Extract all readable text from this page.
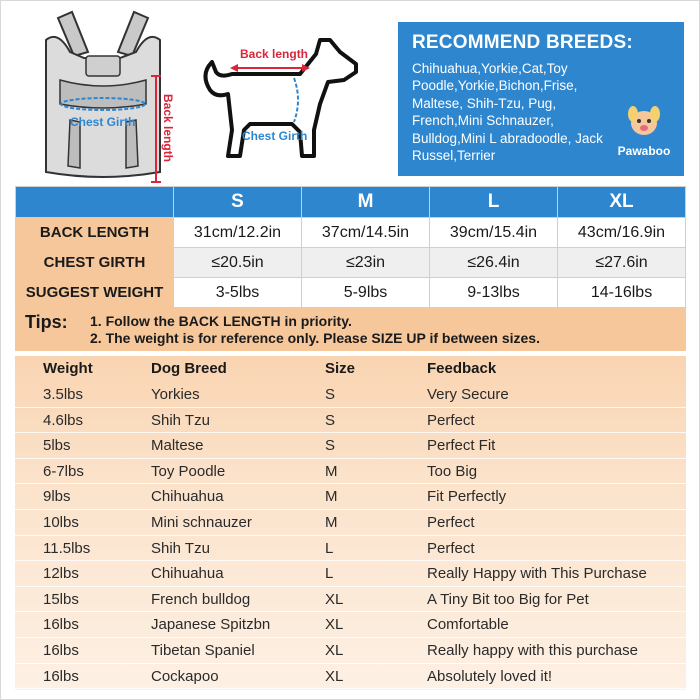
Chest Girth Back length
Back length
Chest Girth
RECOMMEND BREEDS:
Chihuahua,Yorkie,Cat,Toy Poodle,Yorkie,Bichon,Frise, Maltese, Shih-Tzu, Pug, French,Mini Schnauzer, Bulldog,Mini L abradoodle, Jack Russel,Terrier	Pawaboo
	S	M	L	XL
BACK LENGTH	31cm/12.2in	37cm/14.5in	39cm/15.4in	43cm/16.9in
CHEST GIRTH	≤20.5in	≤23in	≤26.4in	≤27.6in
SUGGEST WEIGHT	3-5lbs	5-9lbs	9-13lbs	14-16lbs
Tips: 1. Follow the BACK LENGTH in priority.
2. The weight is for reference only. Please SIZE UP if between sizes.
Weight	Dog Breed	Size	Feedback
3.5lbs	Yorkies	S	Very Secure
4.6lbs	Shih Tzu	S	Perfect
5lbs	Maltese	S	Perfect Fit
6-7lbs	Toy Poodle	M	Too Big
9lbs	Chihuahua	M	Fit Perfectly
10lbs	Mini schnauzer	M	Perfect
11.5lbs	Shih Tzu	L	Perfect
12lbs	Chihuahua	L	Really Happy with This Purchase
15lbs	French bulldog	XL	A Tiny Bit too Big for Pet
16lbs	Japanese Spitzbn	XL	Comfortable
16lbs	Tibetan Spaniel	XL	Really happy with this purchase
16lbs	Cockapoo	XL	Absolutely loved it!
